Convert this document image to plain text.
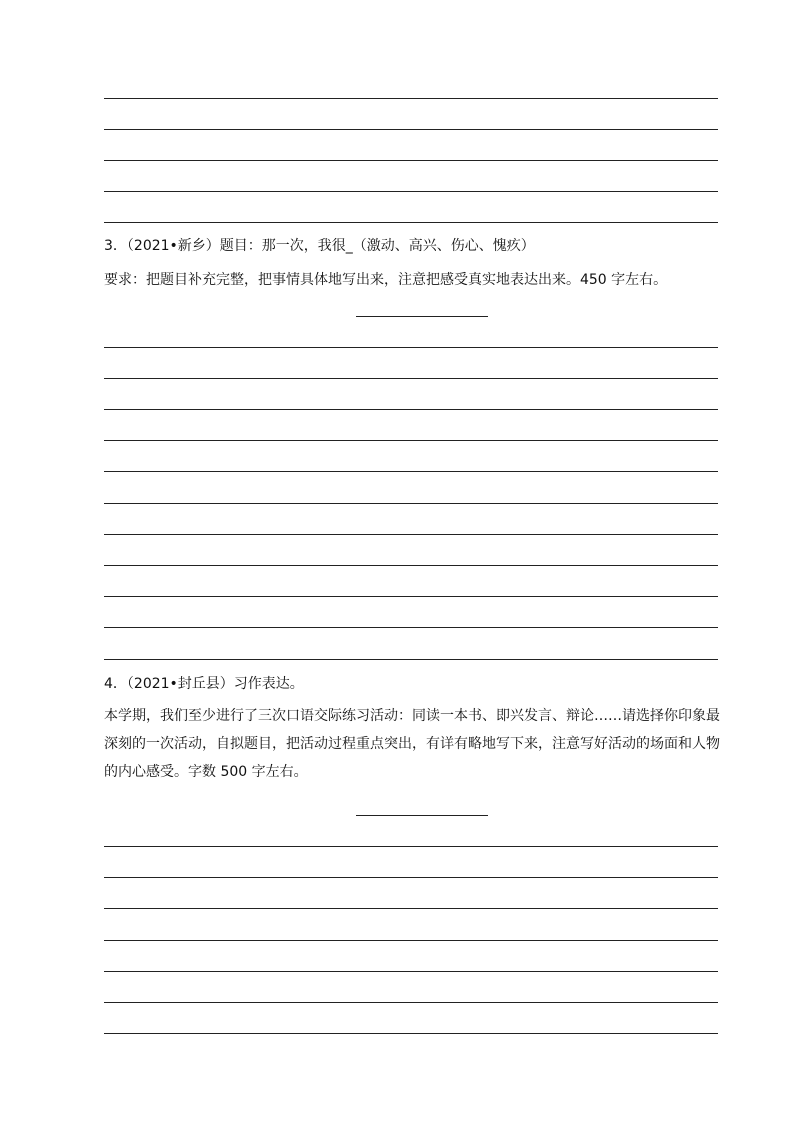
3．（2021•新乡）题目：那一次，我很_（激动、高兴、伤心、愧疚）
要求：把题目补充完整，把事情具体地写出来，注意把感受真实地表达出来。450 字左右。
4．（2021•封丘县）习作表达。
本学期，我们至少进行了三次口语交际练习活动：同读一本书、即兴发言、辩论……请选择你印象最深刻的一次活动，自拟题目，把活动过程重点突出，有详有略地写下来，注意写好活动的场面和人物的内心感受。字数 500 字左右。
